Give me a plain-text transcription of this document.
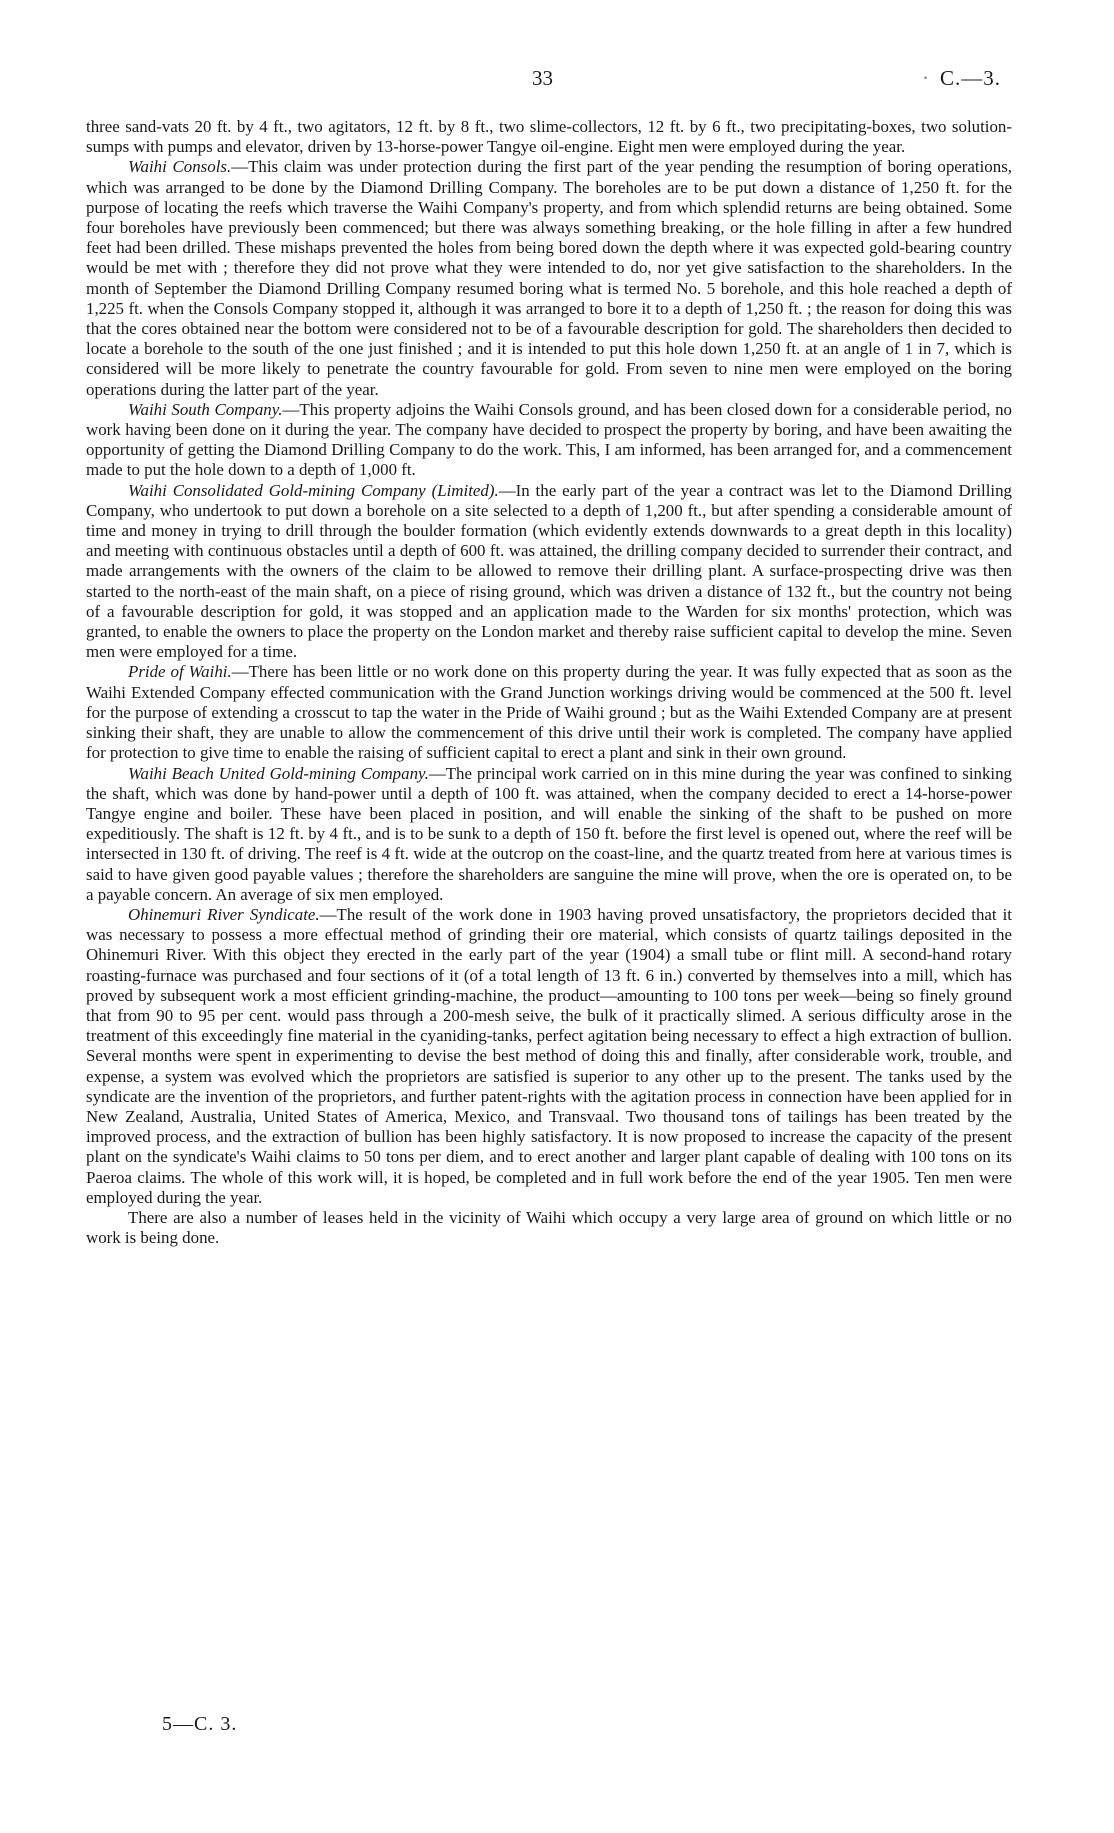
33	· C.—3.

three sand-vats 20 ft. by 4 ft., two agitators, 12 ft. by 8 ft., two slime-collectors, 12 ft. by 6 ft., two precipitating-boxes, two solution-sumps with pumps and elevator, driven by 13-horse-power Tangye oil-engine. Eight men were employed during the year.

Waihi Consols.—This claim was under protection during the first part of the year pending the resumption of boring operations, which was arranged to be done by the Diamond Drilling Company. The boreholes are to be put down a distance of 1,250 ft. for the purpose of locating the reefs which traverse the Waihi Company's property, and from which splendid returns are being obtained. Some four boreholes have previously been commenced; but there was always something breaking, or the hole filling in after a few hundred feet had been drilled. These mishaps prevented the holes from being bored down the depth where it was expected gold-bearing country would be met with ; therefore they did not prove what they were intended to do, nor yet give satisfaction to the shareholders. In the month of September the Diamond Drilling Company resumed boring what is termed No. 5 borehole, and this hole reached a depth of 1,225 ft. when the Consols Company stopped it, although it was arranged to bore it to a depth of 1,250 ft. ; the reason for doing this was that the cores obtained near the bottom were considered not to be of a favourable description for gold. The shareholders then decided to locate a borehole to the south of the one just finished ; and it is intended to put this hole down 1,250 ft. at an angle of 1 in 7, which is considered will be more likely to penetrate the country favourable for gold. From seven to nine men were employed on the boring operations during the latter part of the year.

Waihi South Company.—This property adjoins the Waihi Consols ground, and has been closed down for a considerable period, no work having been done on it during the year. The company have decided to prospect the property by boring, and have been awaiting the opportunity of getting the Diamond Drilling Company to do the work. This, I am informed, has been arranged for, and a commencement made to put the hole down to a depth of 1,000 ft.

Waihi Consolidated Gold-mining Company (Limited).—In the early part of the year a contract was let to the Diamond Drilling Company, who undertook to put down a borehole on a site selected to a depth of 1,200 ft., but after spending a considerable amount of time and money in trying to drill through the boulder formation (which evidently extends downwards to a great depth in this locality) and meeting with continuous obstacles until a depth of 600 ft. was attained, the drilling company decided to surrender their contract, and made arrangements with the owners of the claim to be allowed to remove their drilling plant. A surface-prospecting drive was then started to the north-east of the main shaft, on a piece of rising ground, which was driven a distance of 132 ft., but the country not being of a favourable description for gold, it was stopped and an application made to the Warden for six months' protection, which was granted, to enable the owners to place the property on the London market and thereby raise sufficient capital to develop the mine. Seven men were employed for a time.

Pride of Waihi.—There has been little or no work done on this property during the year. It was fully expected that as soon as the Waihi Extended Company effected communication with the Grand Junction workings driving would be commenced at the 500 ft. level for the purpose of extending a crosscut to tap the water in the Pride of Waihi ground ; but as the Waihi Extended Company are at present sinking their shaft, they are unable to allow the commencement of this drive until their work is completed. The company have applied for protection to give time to enable the raising of sufficient capital to erect a plant and sink in their own ground.

Waihi Beach United Gold-mining Company.—The principal work carried on in this mine during the year was confined to sinking the shaft, which was done by hand-power until a depth of 100 ft. was attained, when the company decided to erect a 14-horse-power Tangye engine and boiler. These have been placed in position, and will enable the sinking of the shaft to be pushed on more expeditiously. The shaft is 12 ft. by 4 ft., and is to be sunk to a depth of 150 ft. before the first level is opened out, where the reef will be intersected in 130 ft. of driving. The reef is 4 ft. wide at the outcrop on the coast-line, and the quartz treated from here at various times is said to have given good payable values ; therefore the shareholders are sanguine the mine will prove, when the ore is operated on, to be a payable concern. An average of six men employed.

Ohinemuri River Syndicate.—The result of the work done in 1903 having proved unsatisfactory, the proprietors decided that it was necessary to possess a more effectual method of grinding their ore material, which consists of quartz tailings deposited in the Ohinemuri River. With this object they erected in the early part of the year (1904) a small tube or flint mill. A second-hand rotary roasting-furnace was purchased and four sections of it (of a total length of 13 ft. 6 in.) converted by themselves into a mill, which has proved by subsequent work a most efficient grinding-machine, the product—amounting to 100 tons per week—being so finely ground that from 90 to 95 per cent. would pass through a 200-mesh seive, the bulk of it practically slimed. A serious difficulty arose in the treatment of this exceedingly fine material in the cyaniding-tanks, perfect agitation being necessary to effect a high extraction of bullion. Several months were spent in experimenting to devise the best method of doing this and finally, after considerable work, trouble, and expense, a system was evolved which the proprietors are satisfied is superior to any other up to the present. The tanks used by the syndicate are the invention of the proprietors, and further patent-rights with the agitation process in connection have been applied for in New Zealand, Australia, United States of America, Mexico, and Transvaal. Two thousand tons of tailings has been treated by the improved process, and the extraction of bullion has been highly satisfactory. It is now proposed to increase the capacity of the present plant on the syndicate's Waihi claims to 50 tons per diem, and to erect another and larger plant capable of dealing with 100 tons on its Paeroa claims. The whole of this work will, it is hoped, be completed and in full work before the end of the year 1905. Ten men were employed during the year.

There are also a number of leases held in the vicinity of Waihi which occupy a very large area of ground on which little or no work is being done.

5—C. 3.
